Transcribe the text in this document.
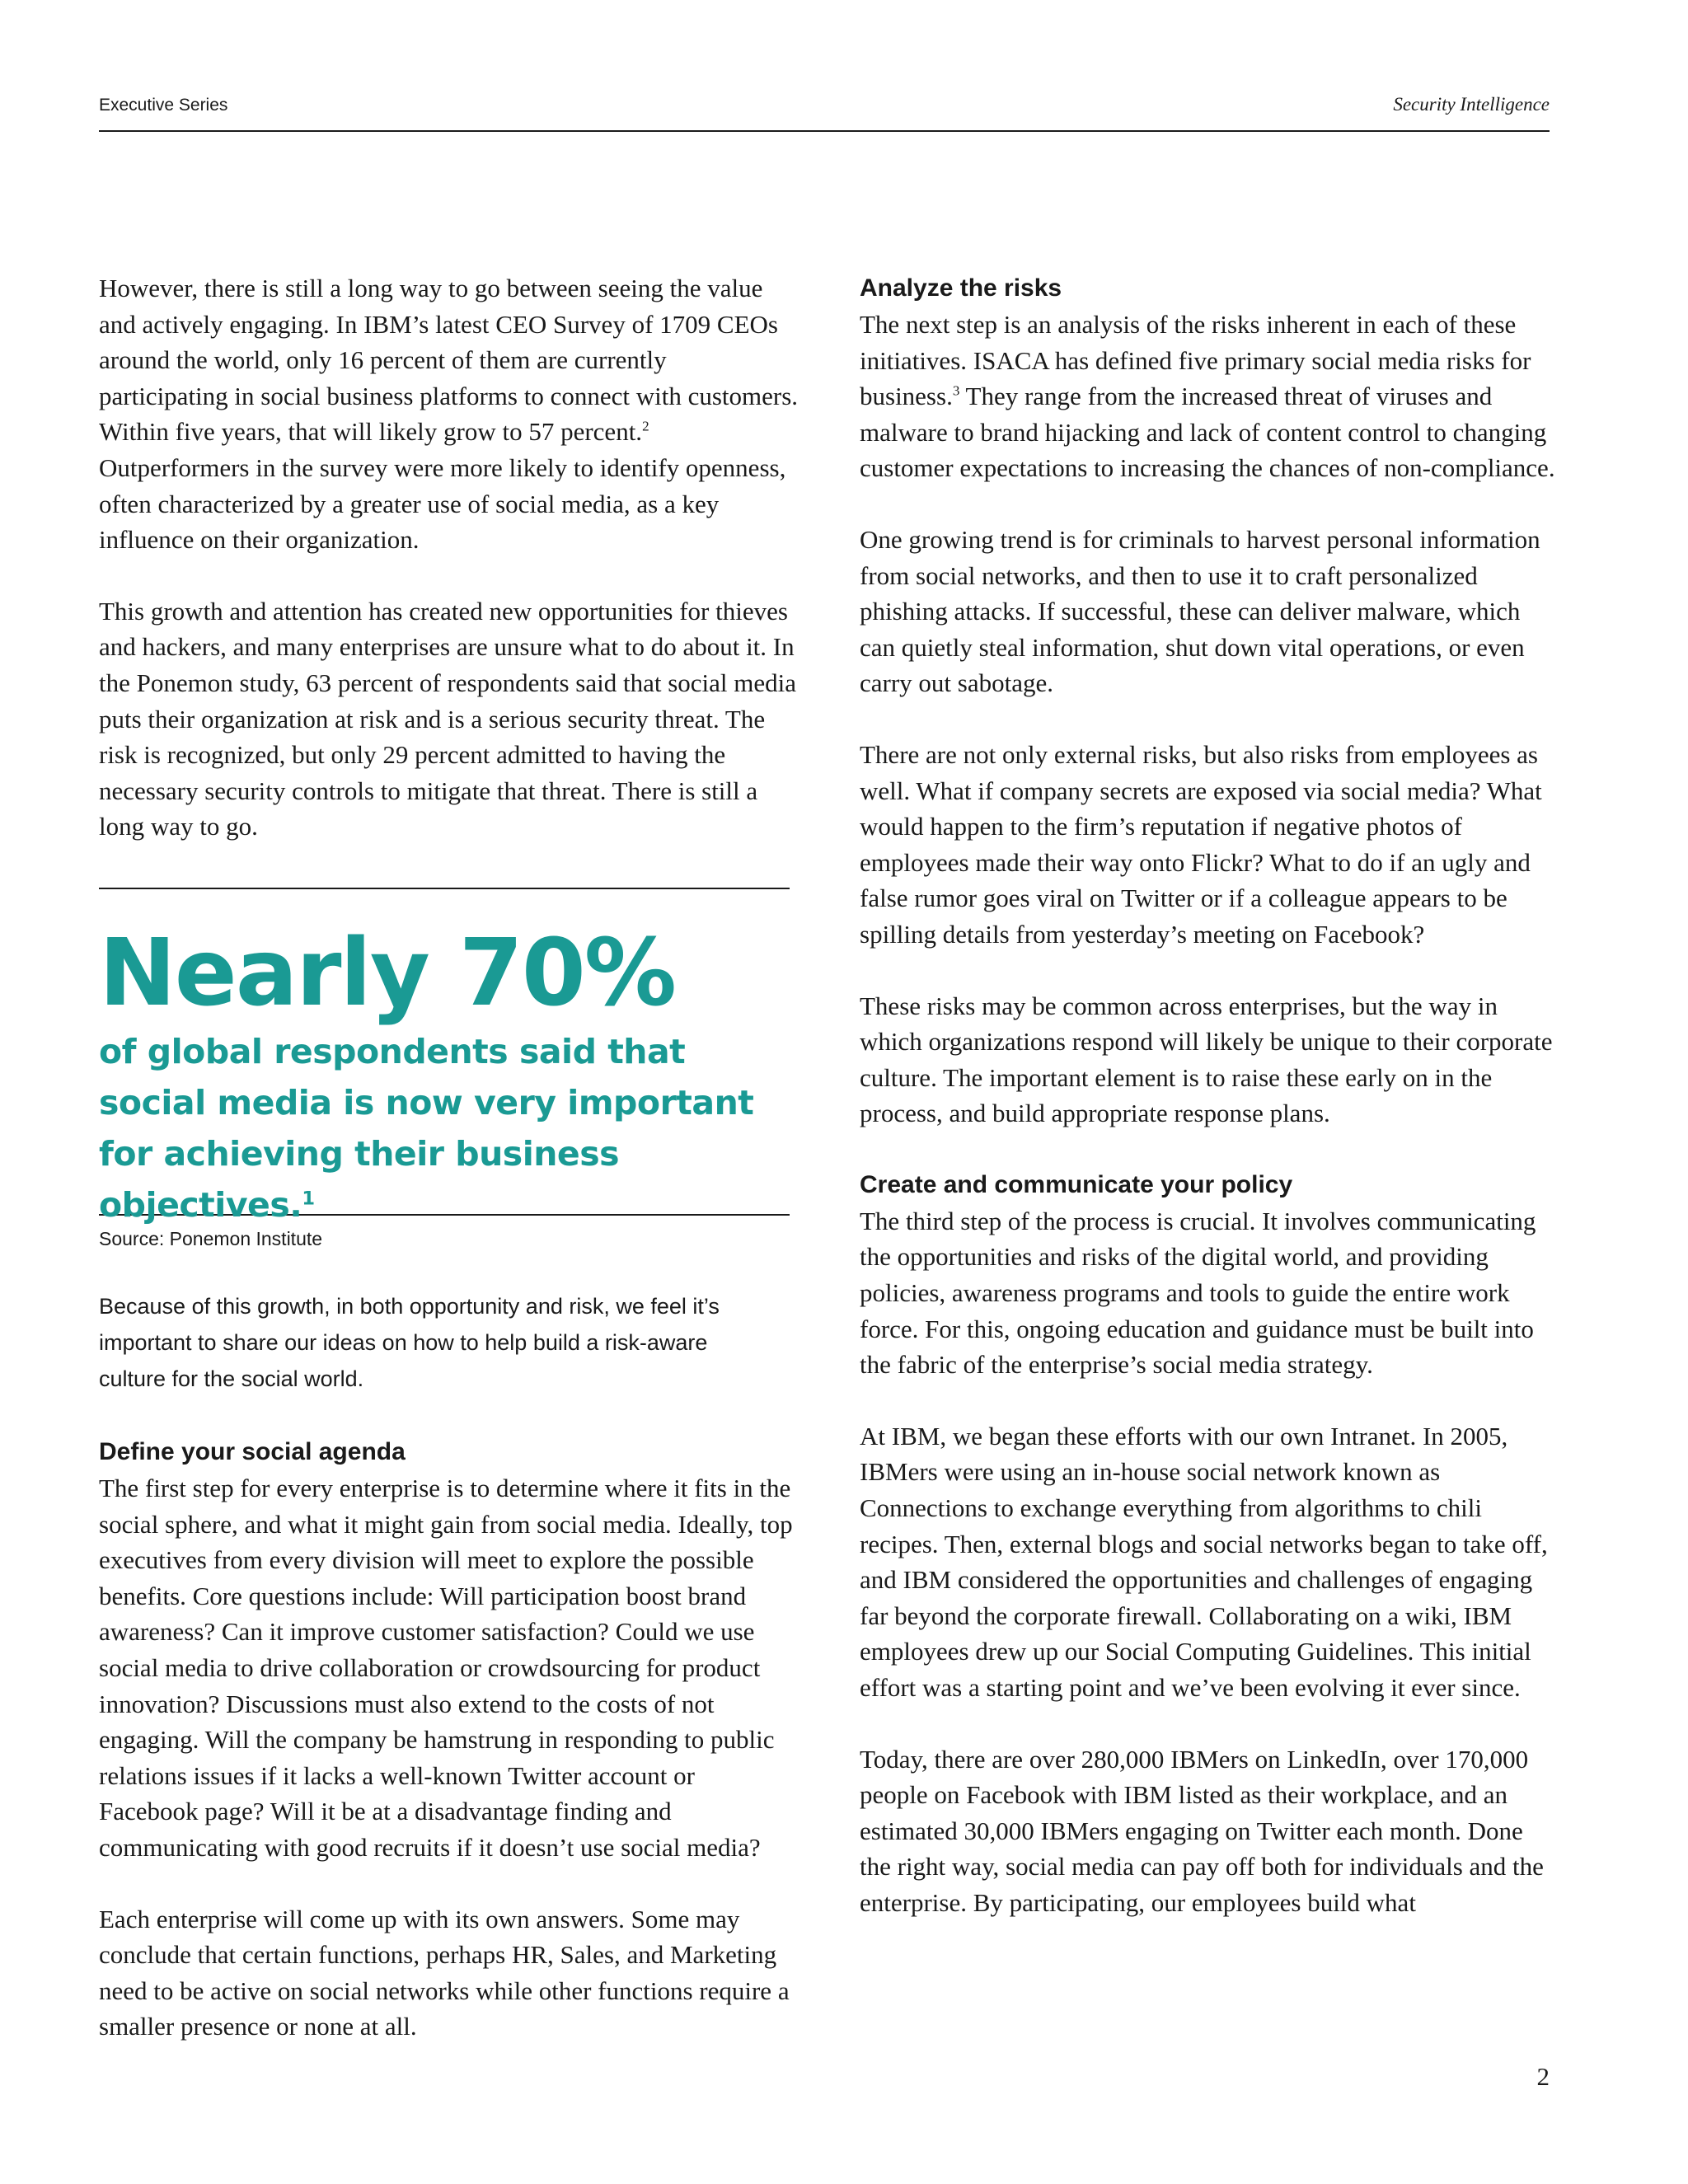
Executive Series	Security Intelligence

However, there is still a long way to go between seeing the value and actively engaging. In IBM’s latest CEO Survey of 1709 CEOs around the world, only 16 percent of them are currently participating in social business platforms to connect with customers. Within five years, that will likely grow to 57 percent.$^2$ Outperformers in the survey were more likely to identify openness, often characterized by a greater use of social media, as a key influence on their organization.

This growth and attention has created new opportunities for thieves and hackers, and many enterprises are unsure what to do about it. In the Ponemon study, 63 percent of respondents said that social media puts their organization at risk and is a serious security threat. The risk is recognized, but only 29 percent admitted to having the necessary security controls to mitigate that threat. There is still a long way to go.

Nearly 70%
of global respondents said that social media is now very important for achieving their business objectives.$^1$
Source: Ponemon Institute
Because of this growth, in both opportunity and risk, we feel it’s important to share our ideas on how to help build a risk-aware culture for the social world.

Define your social agenda

The first step for every enterprise is to determine where it fits in the social sphere, and what it might gain from social media. Ideally, top executives from every division will meet to explore the possible benefits. Core questions include: Will participation boost brand awareness? Can it improve customer satisfaction? Could we use social media to drive collaboration or crowdsourcing for product innovation? Discussions must also extend to the costs of not engaging. Will the company be hamstrung in responding to public relations issues if it lacks a well-known Twitter account or Facebook page? Will it be at a disadvantage finding and communicating with good recruits if it doesn’t use social media?

Each enterprise will come up with its own answers. Some may conclude that certain functions, perhaps HR, Sales, and Marketing need to be active on social networks while other functions require a smaller presence or none at all.

Analyze the risks

The next step is an analysis of the risks inherent in each of these initiatives. ISACA has defined five primary social media risks for business.$^3$ They range from the increased threat of viruses and malware to brand hijacking and lack of content control to changing customer expectations to increasing the chances of non-compliance.

One growing trend is for criminals to harvest personal information from social networks, and then to use it to craft personalized phishing attacks. If successful, these can deliver malware, which can quietly steal information, shut down vital operations, or even carry out sabotage.

There are not only external risks, but also risks from employees as well. What if company secrets are exposed via social media? What would happen to the firm’s reputation if negative photos of employees made their way onto Flickr? What to do if an ugly and false rumor goes viral on Twitter or if a colleague appears to be spilling details from yesterday’s meeting on Facebook?

These risks may be common across enterprises, but the way in which organizations respond will likely be unique to their corporate culture. The important element is to raise these early on in the process, and build appropriate response plans.

Create and communicate your policy

The third step of the process is crucial. It involves communicating the opportunities and risks of the digital world, and providing policies, awareness programs and tools to guide the entire work force. For this, ongoing education and guidance must be built into the fabric of the enterprise’s social media strategy.

At IBM, we began these efforts with our own Intranet. In 2005, IBMers were using an in-house social network known as Connections to exchange everything from algorithms to chili recipes. Then, external blogs and social networks began to take off, and IBM considered the opportunities and challenges of engaging far beyond the corporate firewall. Collaborating on a wiki, IBM employees drew up our Social Computing Guidelines. This initial effort was a starting point and we’ve been evolving it ever since.

Today, there are over 280,000 IBMers on LinkedIn, over 170,000 people on Facebook with IBM listed as their workplace, and an estimated 30,000 IBMers engaging on Twitter each month. Done the right way, social media can pay off both for individuals and the enterprise. By participating, our employees build what

2
